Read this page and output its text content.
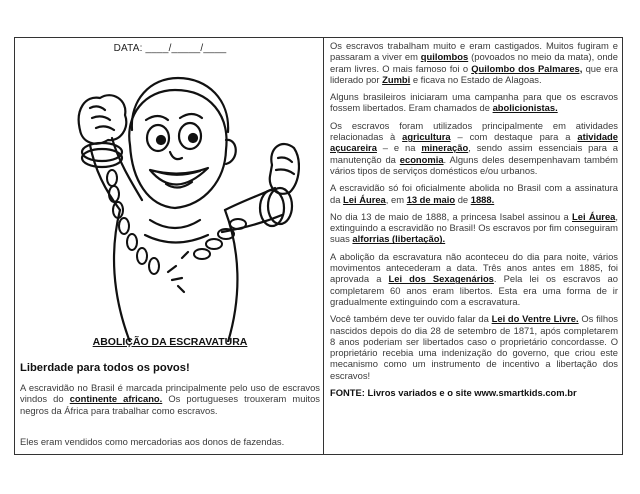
DATA: ____/_____/____
ABOLIÇÃO DA ESCRAVATURA
Liberdade para todos os povos!
A escravidão no Brasil é marcada principalmente pelo uso de escravos vindos do continente africano. Os portugueses trouxeram muitos negros da África para trabalhar como escravos.
Eles eram vendidos como mercadorias aos donos de fazendas.

Os escravos trabalham muito e eram castigados. Muitos fugiram e passaram a viver em quilombos (povoados no meio da mata), onde eram livres. O mais famoso foi o Quilombo dos Palmares, que era liderado por Zumbi e ficava no Estado de Alagoas.

Alguns brasileiros iniciaram uma campanha para que os escravos fossem libertados. Eram chamados de abolicionistas.

Os escravos foram utilizados principalmente em atividades relacionadas à agricultura – com destaque para a atividade açucareira – e na mineração, sendo assim essenciais para a manutenção da economia. Alguns deles desempenhavam também vários tipos de serviços domésticos e/ou urbanos.

A escravidão só foi oficialmente abolida no Brasil com a assinatura da Lei Áurea, em 13 de maio de 1888.

No dia 13 de maio de 1888, a princesa Isabel assinou a Lei Áurea, extinguindo a escravidão no Brasil! Os escravos por fim conseguiram suas alforrias (libertação).

A abolição da escravatura não aconteceu do dia para noite, vários movimentos antecederam a data. Três anos antes em 1885, foi aprovada a Lei dos Sexagenários. Pela lei os escravos ao completarem 60 anos eram libertos. Esta era uma forma de ir gradualmente extinguindo com a escravatura.

Você também deve ter ouvido falar da Lei do Ventre Livre. Os filhos nascidos depois do dia 28 de setembro de 1871, após completarem 8 anos poderiam ser libertados caso o proprietário concordasse. O proprietário recebia uma indenização do governo, que criou este mecanismo como um instrumento de incentivo a libertação dos escravos!

FONTE: Livros variados e o site www.smartkids.com.br
